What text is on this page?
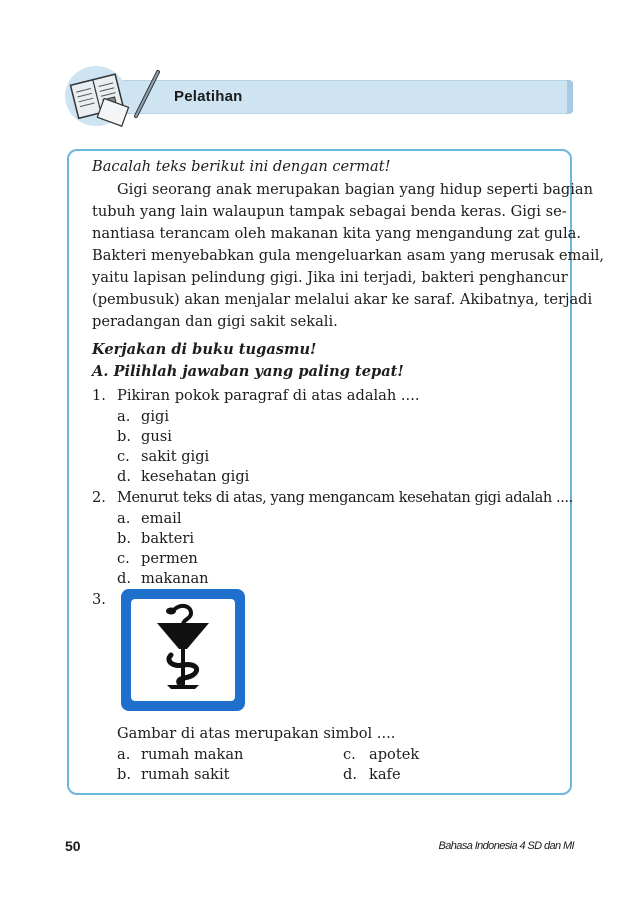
Pelatihan
Bacalah teks berikut ini dengan cermat!
Gigi seorang anak merupakan bagian yang hidup seperti bagian
tubuh yang lain walaupun tampak sebagai benda keras. Gigi se-
nantiasa terancam oleh makanan kita yang mengandung zat gula.
Bakteri menyebabkan gula mengeluarkan asam yang merusak email,
yaitu lapisan pelindung gigi. Jika ini terjadi, bakteri penghancur
(pembusuk) akan menjalar melalui akar ke saraf. Akibatnya, terjadi
peradangan dan gigi sakit sekali.
Kerjakan di buku tugasmu!
A. Pilihlah jawaban yang paling tepat!
1. Pikiran pokok paragraf di atas adalah ....
a. gigi
b. gusi
c. sakit gigi
d. kesehatan gigi
2. Menurut teks di atas, yang mengancam kesehatan gigi adalah ....
a. email
b. bakteri
c. permen
d. makanan
3.
Gambar di atas merupakan simbol ....
a. rumah makan	c. apotek
b. rumah sakit	d. kafe
50	Bahasa Indonesia 4 SD dan MI
